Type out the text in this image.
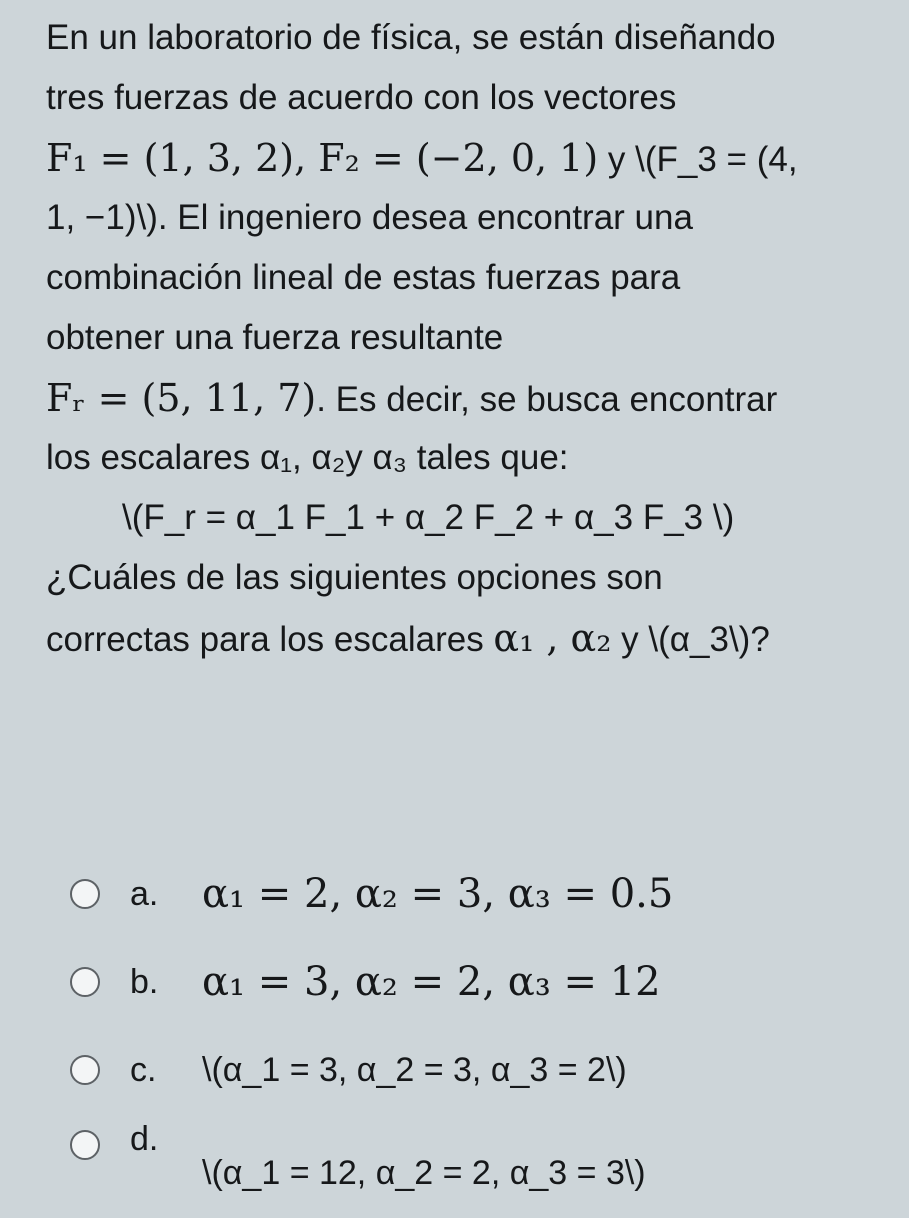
En un laboratorio de física, se están diseñando
tres fuerzas de acuerdo con los vectores
F₁ = (1, 3, 2), F₂ = (−2, 0, 1) y \(F_3 = (4,
1, −1)\). El ingeniero desea encontrar una
combinación lineal de estas fuerzas para
obtener una fuerza resultante
Fᵣ = (5, 11, 7). Es decir, se busca encontrar
los escalares α₁, α₂y α₃ tales que:
\(F_r = α_1 F_1 + α_2 F_2 + α_3 F_3 \)
¿Cuáles de las siguientes opciones son
correctas para los escalares α₁ , α₂ y \(α_3\)?
a.	α₁ = 2, α₂ = 3, α₃ = 0.5
b.	α₁ = 3, α₂ = 2, α₃ = 12
c.	\(α_1 = 3, α_2 = 3, α_3 = 2\)
d.
\(α_1 = 12, α_2 = 2, α_3 = 3\)
